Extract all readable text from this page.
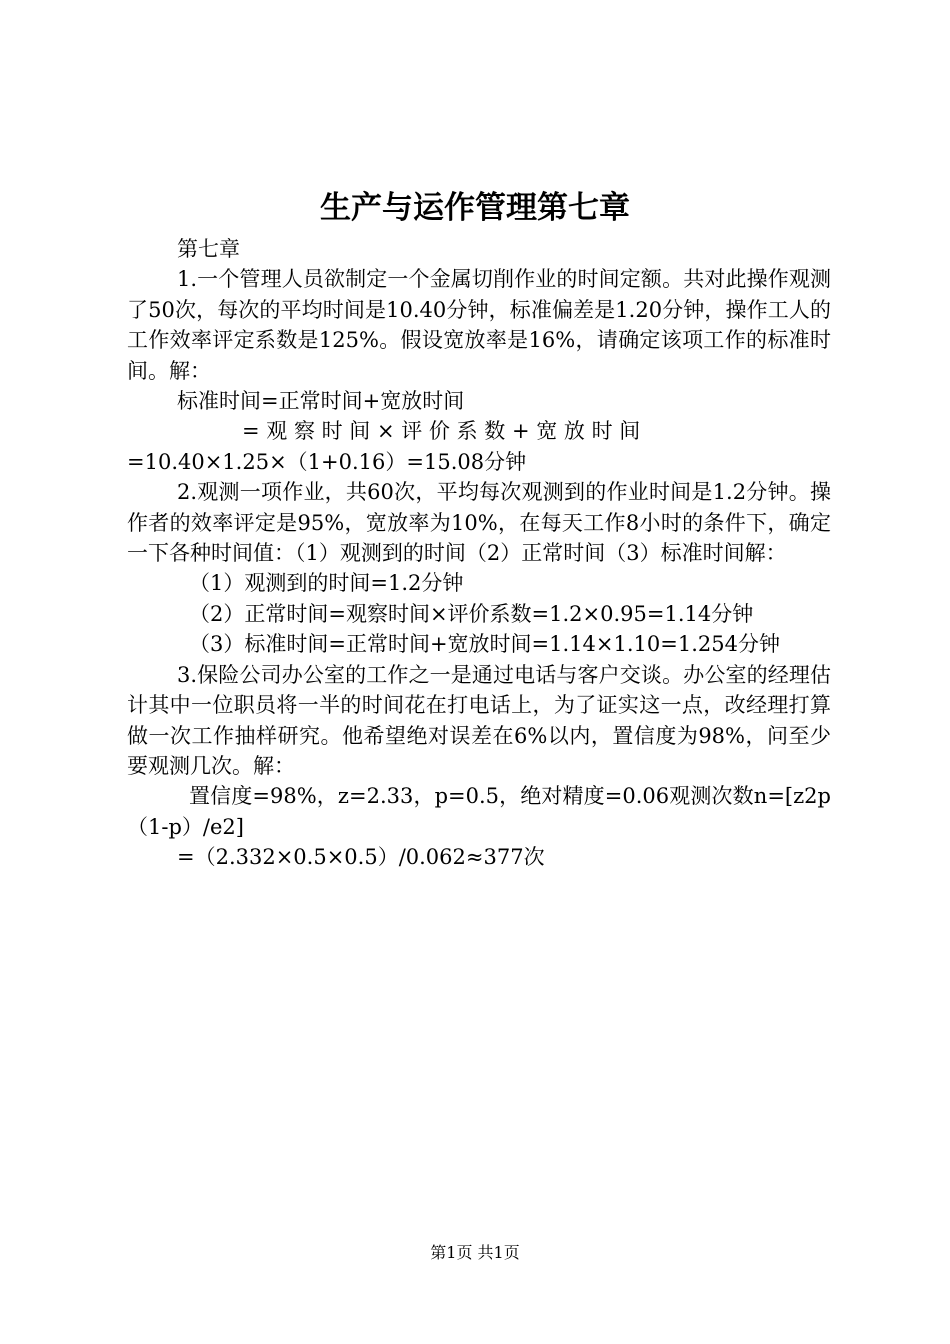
生产与运作管理第七章

第七章

1.一个管理人员欲制定一个金属切削作业的时间定额。共对此操作观测了50次，每次的平均时间是10.40分钟，标准偏差是1.20分钟，操作工人的工作效率评定系数是125%。假设宽放率是16%，请确定该项工作的标准时间。解：

标准时间=正常时间+宽放时间

= 观 察 时 间 × 评 价 系 数 + 宽 放 时 间

=10.40×1.25×（1+0.16）=15.08分钟

2.观测一项作业，共60次，平均每次观测到的作业时间是1.2分钟。操作者的效率评定是95%，宽放率为10%，在每天工作8小时的条件下，确定一下各种时间值：（1）观测到的时间（2）正常时间（3）标准时间解：

（1）观测到的时间=1.2分钟

（2）正常时间=观察时间×评价系数=1.2×0.95=1.14分钟

（3）标准时间=正常时间+宽放时间=1.14×1.10=1.254分钟

3.保险公司办公室的工作之一是通过电话与客户交谈。办公室的经理估计其中一位职员将一半的时间花在打电话上，为了证实这一点，改经理打算做一次工作抽样研究。他希望绝对误差在6%以内，置信度为98%，问至少要观测几次。解：

置信度=98%，z=2.33，p=0.5，绝对精度=0.06观测次数n=[z2p（1-p）/e2]

=（2.332×0.5×0.5）/0.062≈377次

第1页 共1页
